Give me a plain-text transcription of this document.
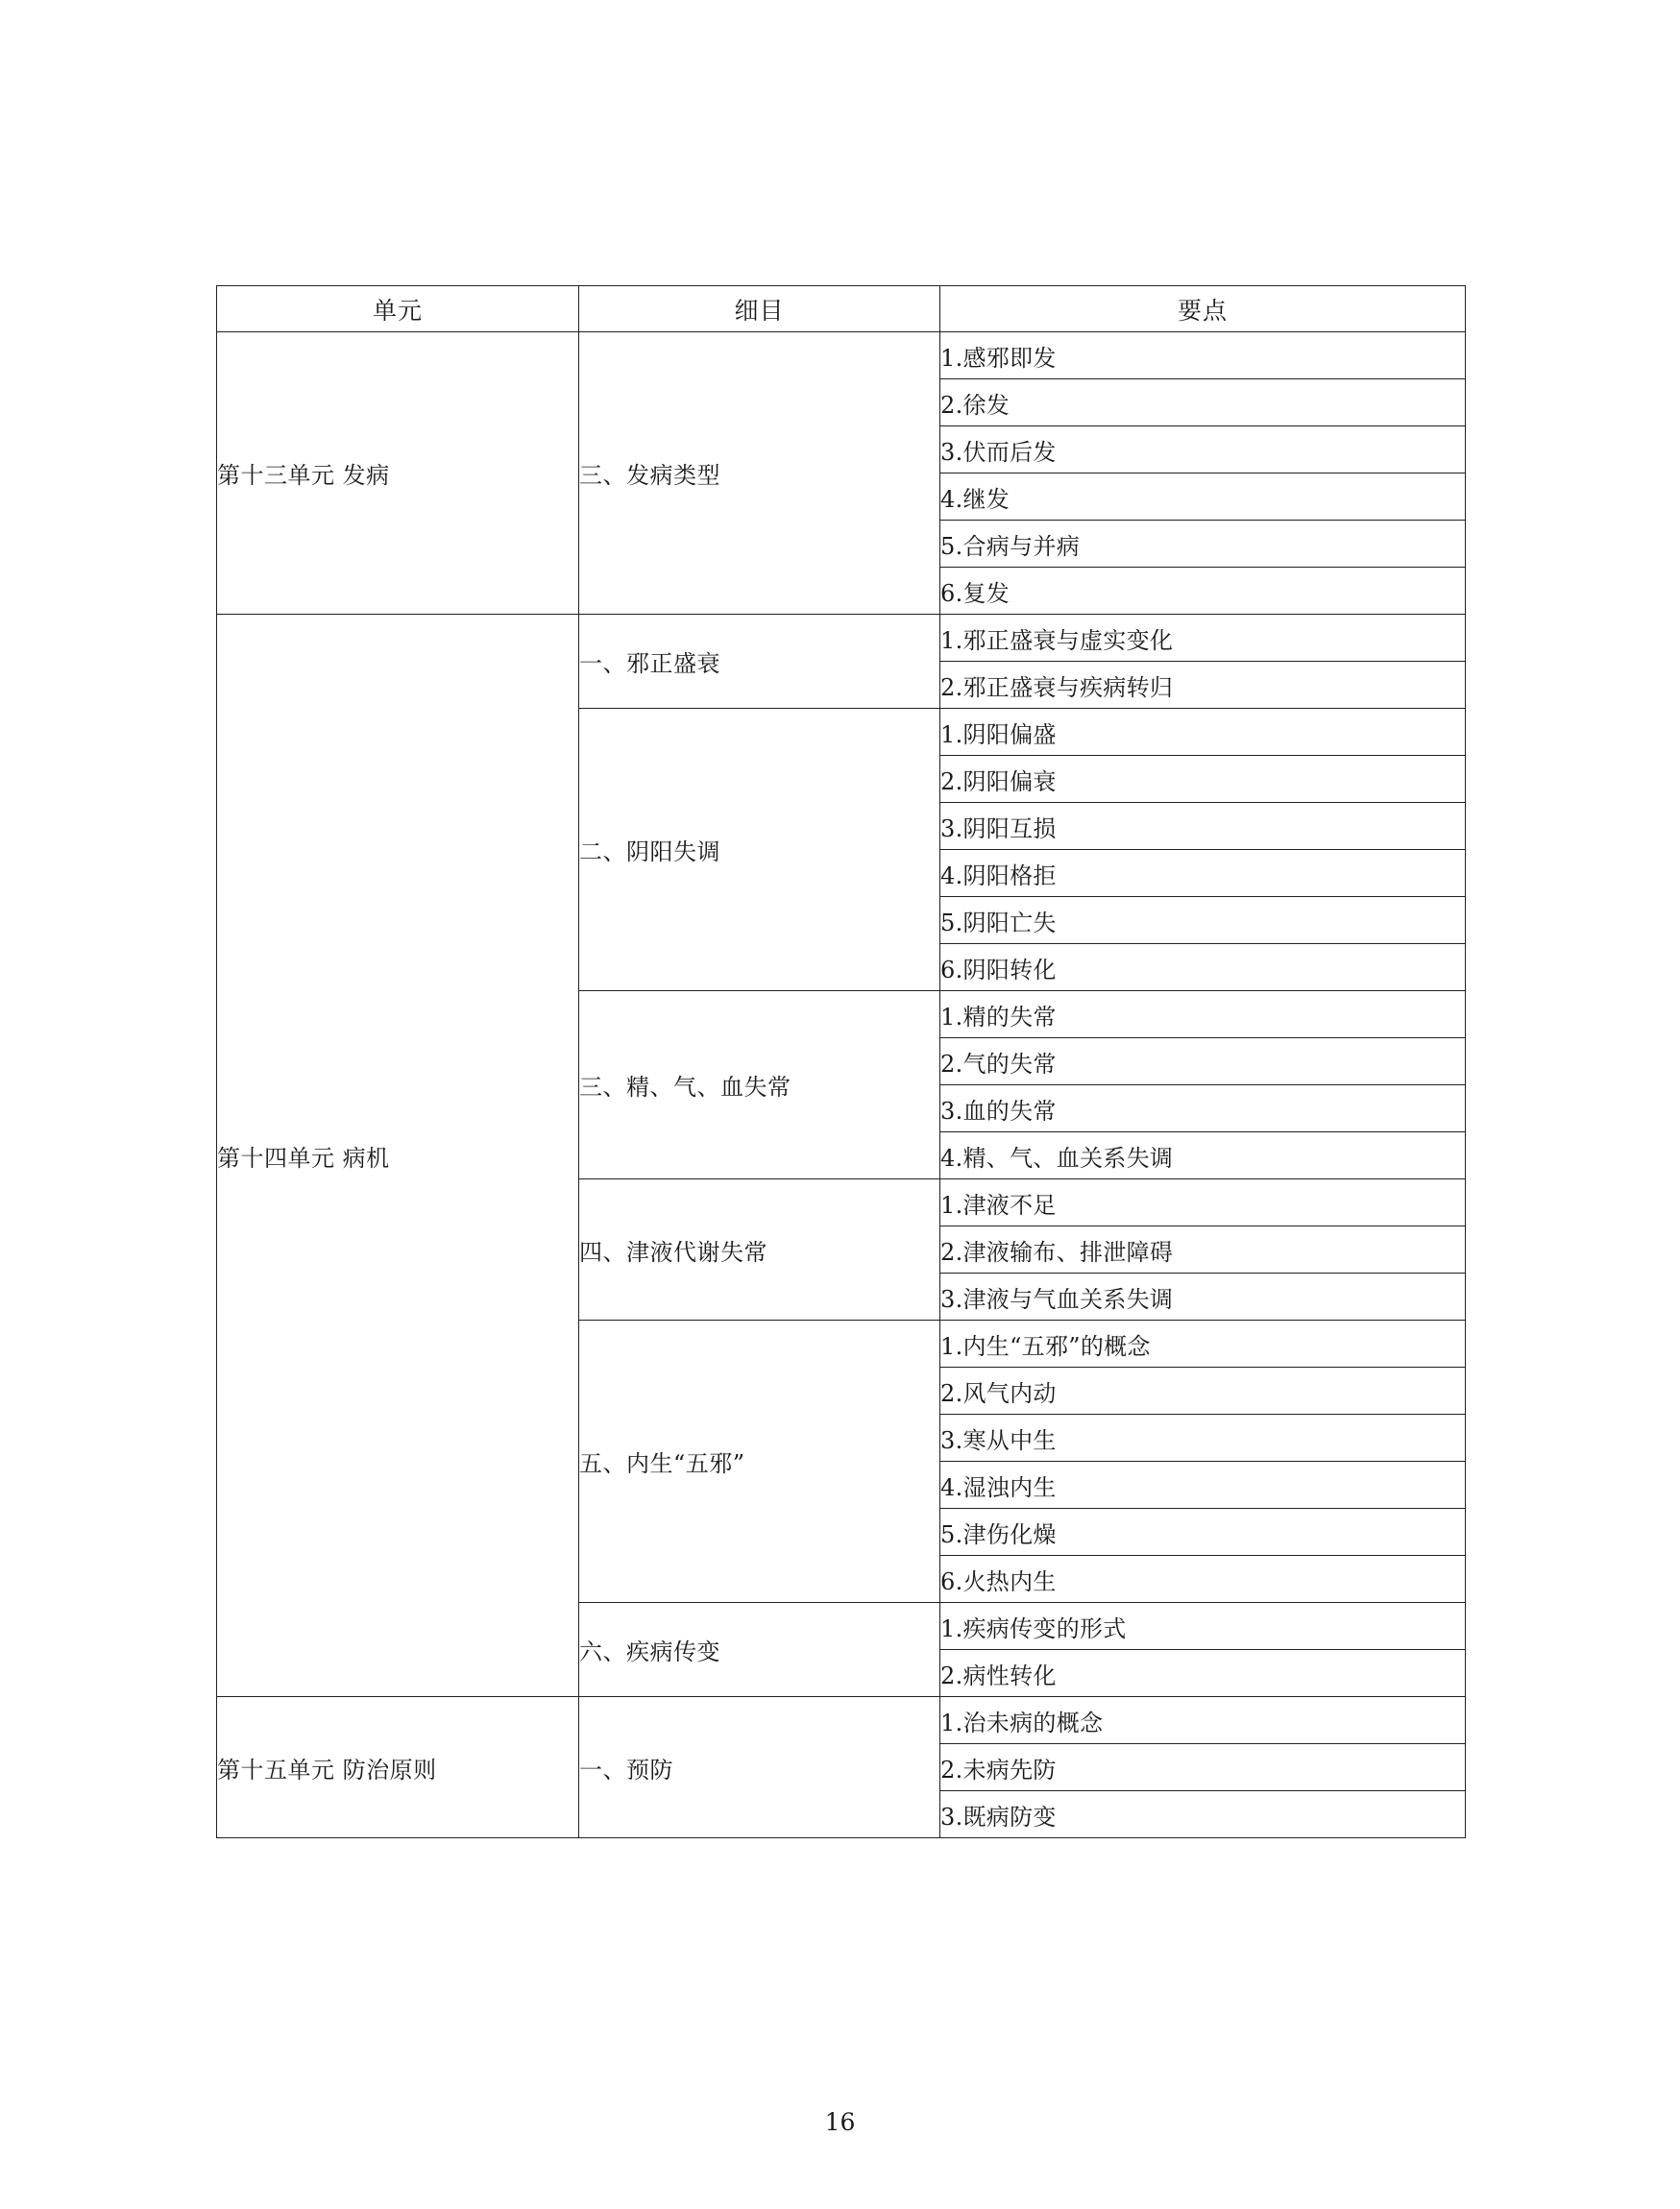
单元	细目	要点
第十三单元 发病	三、发病类型	1.感邪即发
		2.徐发
		3.伏而后发
		4.继发
		5.合病与并病
		6.复发
第十四单元 病机	一、邪正盛衰	1.邪正盛衰与虚实变化
		2.邪正盛衰与疾病转归
	二、阴阳失调	1.阴阳偏盛
		2.阴阳偏衰
		3.阴阳互损
		4.阴阳格拒
		5.阴阳亡失
		6.阴阳转化
	三、精、气、血失常	1.精的失常
		2.气的失常
		3.血的失常
		4.精、气、血关系失调
	四、津液代谢失常	1.津液不足
		2.津液输布、排泄障碍
		3.津液与气血关系失调
	五、内生“五邪”	1.内生“五邪”的概念
		2.风气内动
		3.寒从中生
		4.湿浊内生
		5.津伤化燥
		6.火热内生
	六、疾病传变	1.疾病传变的形式
		2.病性转化
第十五单元 防治原则	一、预防	1.治未病的概念
		2.未病先防
		3.既病防变
16
